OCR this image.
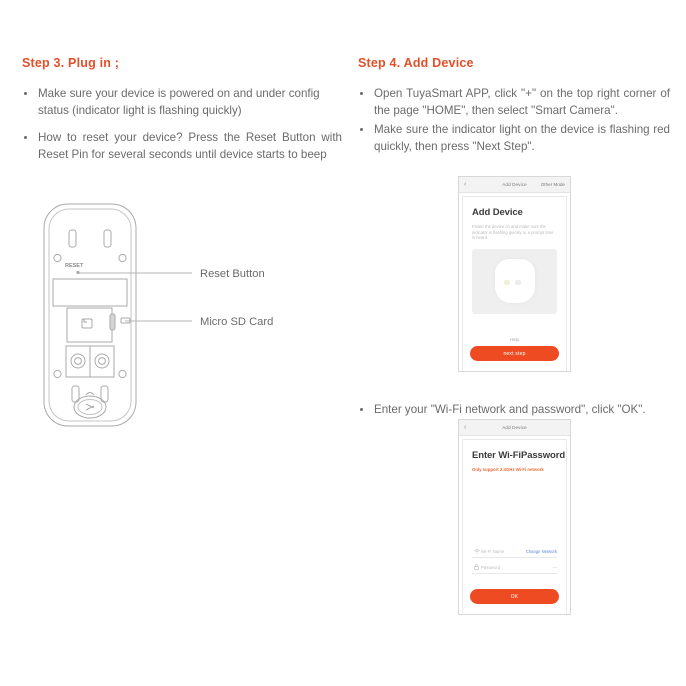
Step 3. Plug in ;
Make sure your device is powered on and under config status (indicator light is flashing quickly)
How to reset your device? Press the Reset Button with Reset Pin for several seconds until device starts to beep
RESET
Reset Button
Micro SD Card
Step 4. Add Device
Open TuyaSmart APP, click "+" on the top right corner of the page "HOME", then select "Smart Camera".
Make sure the indicator light on the device is flashing red quickly, then press "Next Step".
Enter your "Wi-Fi network and password", click "OK".
‹	Add Device	Other Mode
Add Device

Power the device on and make sure the indicator is flashing quickly or a prompt tone is heard.

Help
next step
‹	Add Device
Enter Wi-FiPassword

Only support 2.4GHz Wi-Fi network

Wi-Fi Name	Change Network
Password	—
OK
